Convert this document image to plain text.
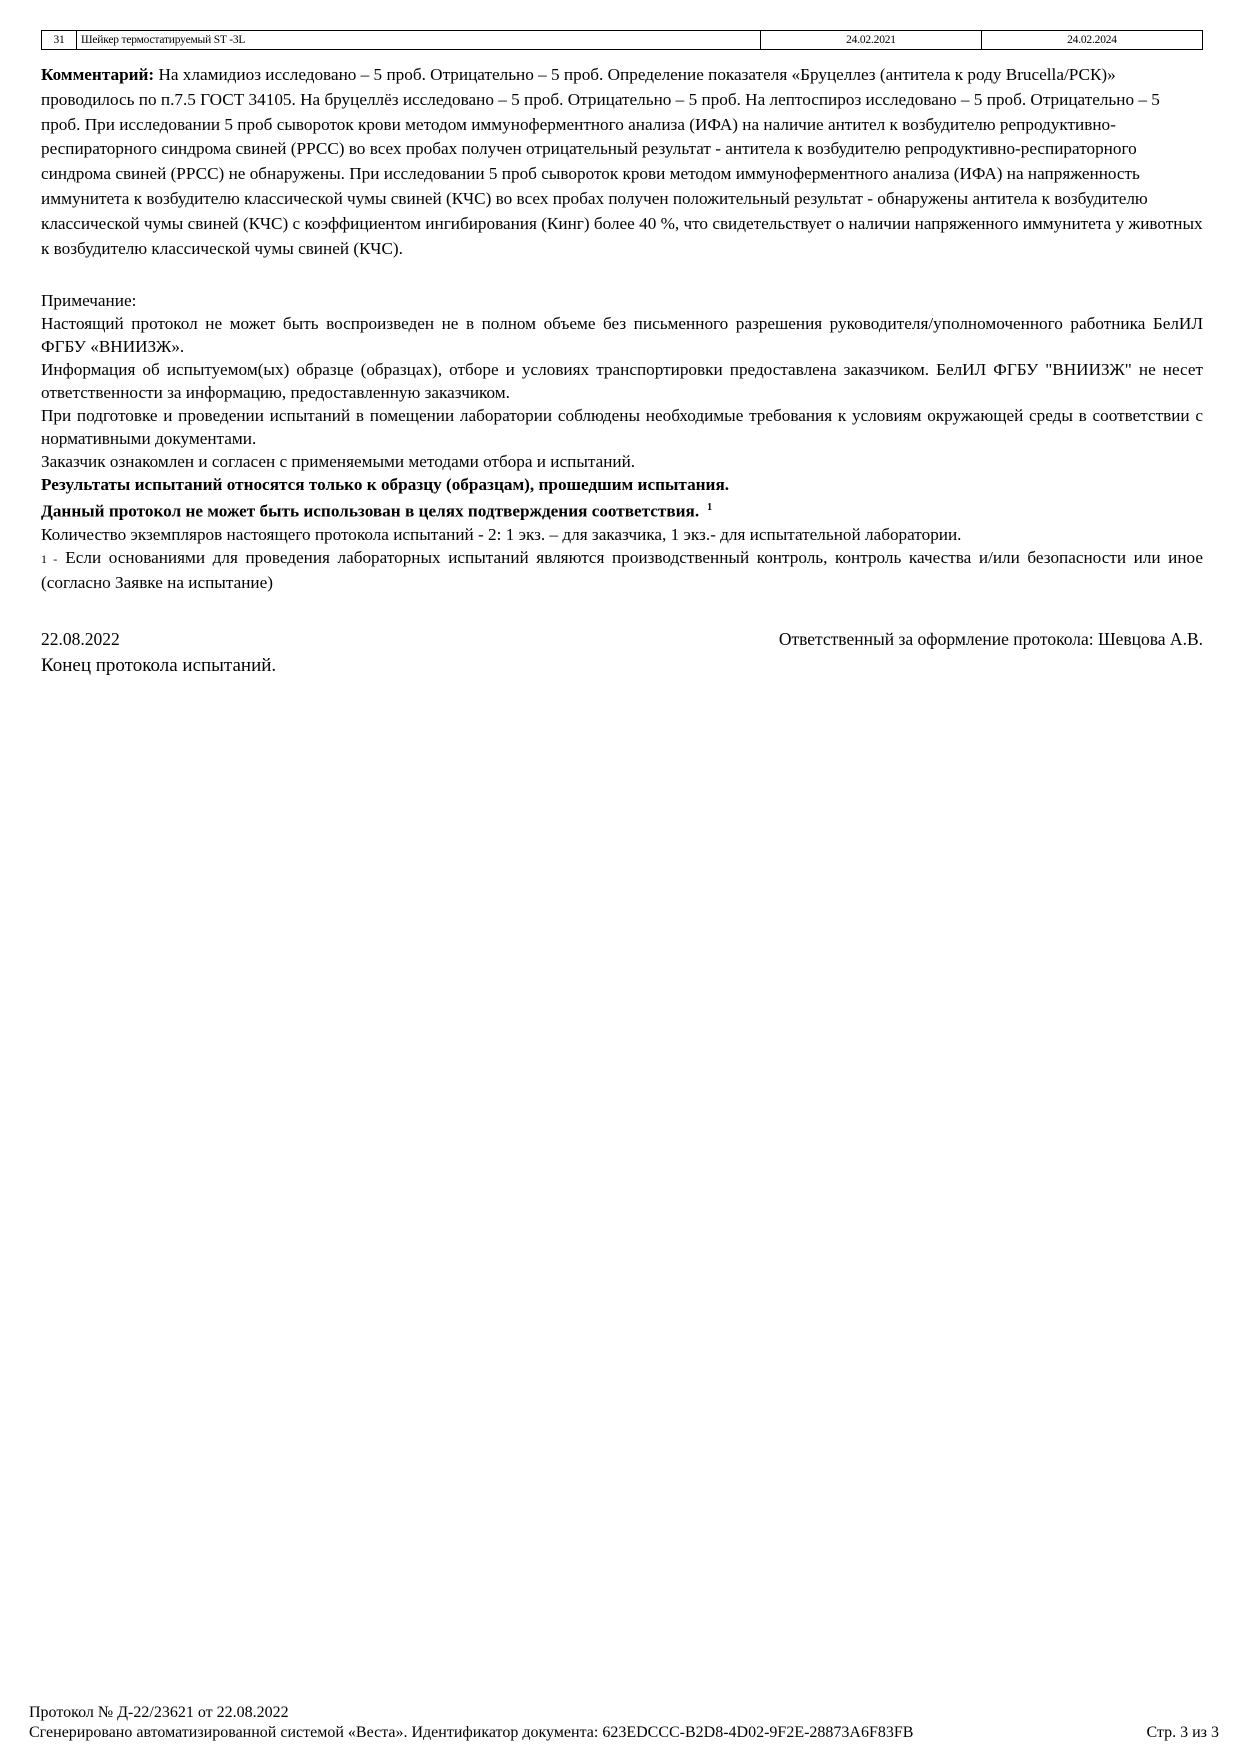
31	Шейкер термостатируемый ST -3L	24.02.2021	24.02.2024
Комментарий: На хламидиоз исследовано – 5 проб. Отрицательно – 5 проб. Определение показателя «Бруцеллез (антитела к роду Brucella/РСК)» проводилось по п.7.5 ГОСТ 34105. На бруцеллёз исследовано – 5 проб. Отрицательно – 5 проб. На лептоспироз исследовано – 5 проб. Отрицательно – 5 проб. При исследовании 5 проб сывороток крови методом иммуноферментного анализа (ИФА) на наличие антител к возбудителю репродуктивно-респираторного синдрома свиней (РРСС) во всех пробах получен отрицательный результат - антитела к возбудителю репродуктивно-респираторного синдрома свиней (РРСС) не обнаружены. При исследовании 5 проб сывороток крови методом иммуноферментного анализа (ИФА) на напряженность иммунитета к возбудителю классической чумы свиней (КЧС) во всех пробах получен положительный результат - обнаружены антитела к возбудителю классической чумы свиней (КЧС) с коэффициентом ингибирования (Кинг) более 40 %, что свидетельствует о наличии напряженного иммунитета у животных к возбудителю классической чумы свиней (КЧС).

Примечание:

Настоящий протокол не может быть воспроизведен не в полном объеме без письменного разрешения руководителя/уполномоченного работника БелИЛ ФГБУ «ВНИИЗЖ».

Информация об испытуемом(ых) образце (образцах), отборе и условиях транспортировки предоставлена заказчиком. БелИЛ ФГБУ "ВНИИЗЖ" не несет ответственности за информацию, предоставленную заказчиком.

При подготовке и проведении испытаний в помещении лаборатории соблюдены необходимые требования к условиям окружающей среды в соответствии с нормативными документами.

Заказчик ознакомлен и согласен с применяемыми методами отбора и испытаний.

Результаты испытаний относятся только к образцу (образцам), прошедшим испытания.

Данный протокол не может быть использован в целях подтверждения соответствия. $^1$

Количество экземпляров настоящего протокола испытаний - 2: 1 экз. – для заказчика, 1 экз.- для испытательной лаборатории.

1 - Если основаниями для проведения лабораторных испытаний являются производственный контроль, контроль качества и/или безопасности или иное (согласно Заявке на испытание)

22.08.2022	Ответственный за оформление протокола: Шевцова А.В.
Конец протокола испытаний.
Протокол № Д-22/23621 от 22.08.2022
Сгенерировано автоматизированной системой «Веста». Идентификатор документа: 623EDCCC-B2D8-4D02-9F2E-28873A6F83FB	Стр. 3 из 3
